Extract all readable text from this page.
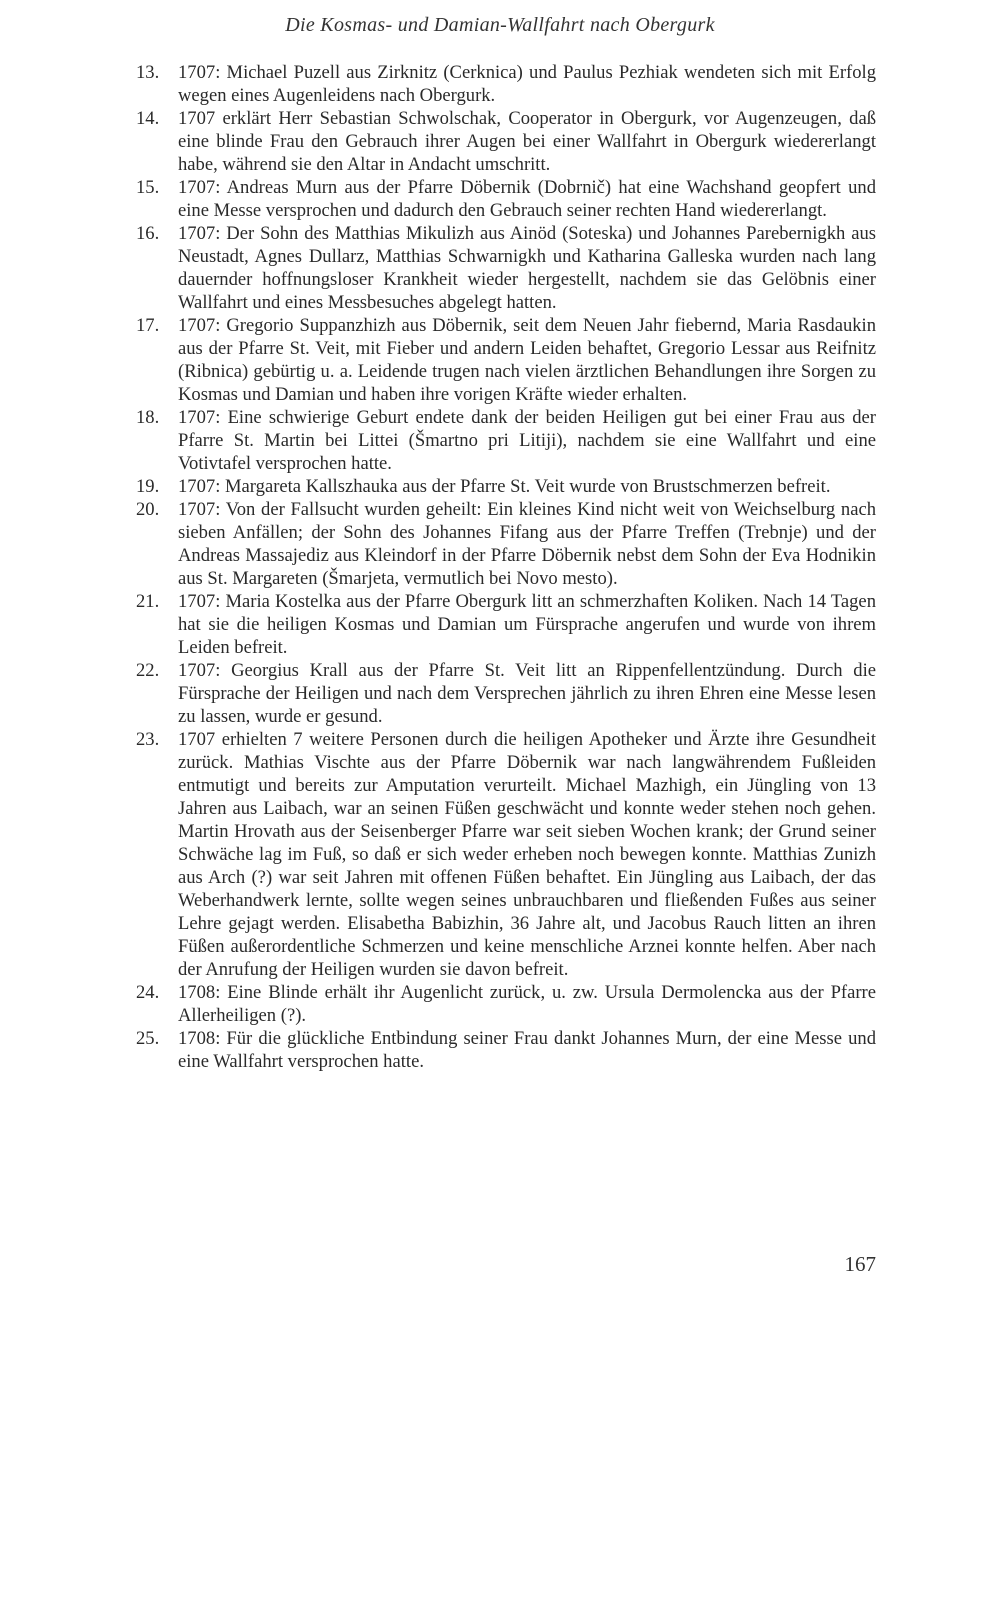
Die Kosmas- und Damian-Wallfahrt nach Obergurk
13.	1707: Michael Puzell aus Zirknitz (Cerknica) und Paulus Pezhiak wendeten sich mit Erfolg wegen eines Augenleidens nach Obergurk.
14.	1707 erklärt Herr Sebastian Schwolschak, Cooperator in Obergurk, vor Augenzeugen, daß eine blinde Frau den Gebrauch ihrer Augen bei einer Wallfahrt in Obergurk wiedererlangt habe, während sie den Altar in Andacht umschritt.
15.	1707: Andreas Murn aus der Pfarre Döbernik (Dobrnič) hat eine Wachshand geopfert und eine Messe versprochen und dadurch den Gebrauch seiner rechten Hand wiedererlangt.
16.	1707: Der Sohn des Matthias Mikulizh aus Ainöd (Soteska) und Johannes Parebernigkh aus Neustadt, Agnes Dullarz, Matthias Schwarnigkh und Katharina Galleska wurden nach lang dauernder hoffnungsloser Krankheit wieder hergestellt, nachdem sie das Gelöbnis einer Wallfahrt und eines Messbesuches abgelegt hatten.
17.	1707: Gregorio Suppanzhizh aus Döbernik, seit dem Neuen Jahr fiebernd, Maria Rasdaukin aus der Pfarre St. Veit, mit Fieber und andern Leiden behaftet, Gregorio Lessar aus Reifnitz (Ribnica) gebürtig u. a. Leidende trugen nach vielen ärztlichen Behandlungen ihre Sorgen zu Kosmas und Damian und haben ihre vorigen Kräfte wieder erhalten.
18.	1707: Eine schwierige Geburt endete dank der beiden Heiligen gut bei einer Frau aus der Pfarre St. Martin bei Littei (Šmartno pri Litiji), nachdem sie eine Wallfahrt und eine Votivtafel versprochen hatte.
19.	1707: Margareta Kallszhauka aus der Pfarre St. Veit wurde von Brustschmerzen befreit.
20.	1707: Von der Fallsucht wurden geheilt: Ein kleines Kind nicht weit von Weichselburg nach sieben Anfällen; der Sohn des Johannes Fifang aus der Pfarre Treffen (Trebnje) und der Andreas Massajediz aus Kleindorf in der Pfarre Döbernik nebst dem Sohn der Eva Hodnikin aus St. Margareten (Šmarjeta, vermutlich bei Novo mesto).
21.	1707: Maria Kostelka aus der Pfarre Obergurk litt an schmerzhaften Koliken. Nach 14 Tagen hat sie die heiligen Kosmas und Damian um Fürsprache angerufen und wurde von ihrem Leiden befreit.
22.	1707: Georgius Krall aus der Pfarre St. Veit litt an Rippenfellentzündung. Durch die Fürsprache der Heiligen und nach dem Versprechen jährlich zu ihren Ehren eine Messe lesen zu lassen, wurde er gesund.
23.	1707 erhielten 7 weitere Personen durch die heiligen Apotheker und Ärzte ihre Gesundheit zurück. Mathias Vischte aus der Pfarre Döbernik war nach langwährendem Fußleiden entmutigt und bereits zur Amputation verurteilt. Michael Mazhigh, ein Jüngling von 13 Jahren aus Laibach, war an seinen Füßen geschwächt und konnte weder stehen noch gehen. Martin Hrovath aus der Seisenberger Pfarre war seit sieben Wochen krank; der Grund seiner Schwäche lag im Fuß, so daß er sich weder erheben noch bewegen konnte. Matthias Zunizh aus Arch (?) war seit Jahren mit offenen Füßen behaftet. Ein Jüngling aus Laibach, der das Weberhandwerk lernte, sollte wegen seines unbrauchbaren und fließenden Fußes aus seiner Lehre gejagt werden. Elisabetha Babizhin, 36 Jahre alt, und Jacobus Rauch litten an ihren Füßen außerordentliche Schmerzen und keine menschliche Arznei konnte helfen. Aber nach der Anrufung der Heiligen wurden sie davon befreit.
24.	1708: Eine Blinde erhält ihr Augenlicht zurück, u. zw. Ursula Dermolencka aus der Pfarre Allerheiligen (?).
25.	1708: Für die glückliche Entbindung seiner Frau dankt Johannes Murn, der eine Messe und eine Wallfahrt versprochen hatte.
167
